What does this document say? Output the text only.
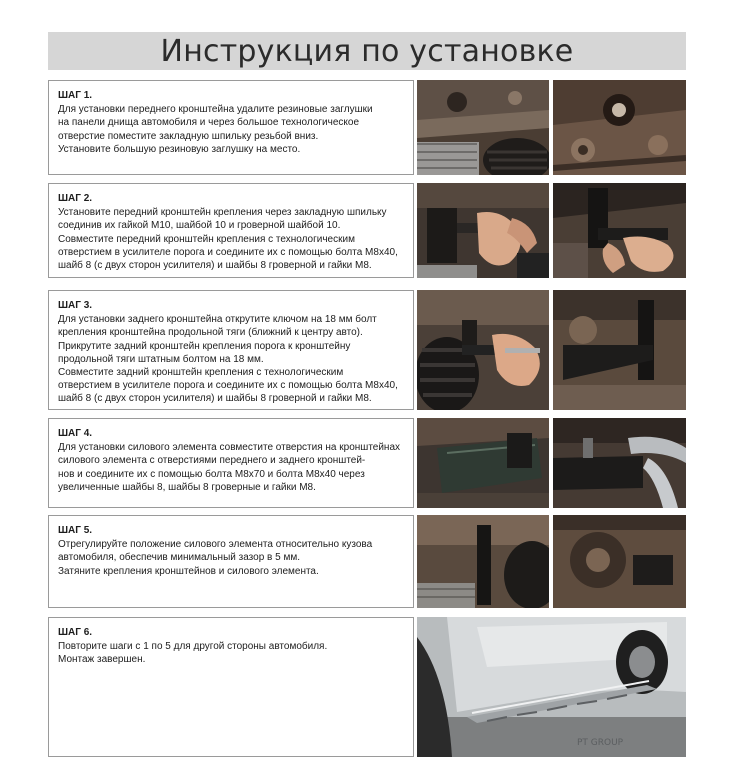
Инструкция по установке
ШАГ 1.

Для установки переднего кронштейна удалите резиновые заглушки
на панели днища автомобиля и через большое технологическое
отверстие поместите закладную шпильку резьбой вниз.
Установите большую резиновую заглушку на место.

ШАГ 2.

Установите передний кронштейн крепления через закладную шпильку
соединив их гайкой М10, шайбой 10 и гроверной шайбой 10.
Совместите передний кронштейн крепления с технологическим
отверстием в усилителе порога и соедините их с помощью болта М8х40,
шайб 8 (с двух сторон усилителя) и шайбы 8 гроверной и гайки М8.

ШАГ 3.

Для установки заднего кронштейна открутите ключом на 18 мм болт
крепления кронштейна продольной тяги (ближний к центру авто).
Прикрутите задний кронштейн крепления порога к кронштейну
продольной тяги штатным болтом на 18 мм.
Совместите задний кронштейн крепления с технологическим
отверстием в усилителе порога и соедините их с помощью болта М8х40,
шайб 8 (с двух сторон усилителя) и шайбы 8 гроверной и гайки М8.

ШАГ 4.

Для установки силового элемента совместите отверстия на кронштейнах
силового элемента с отверстиями переднего и заднего кронштей-
нов и соедините их с помощью болта М8х70 и болта М8х40 через
увеличенные шайбы 8, шайбы 8 гроверные и гайки М8.

ШАГ 5.

Отрегулируйте положение силового элемента относительно кузова
автомобиля, обеспечив минимальный зазор в 5 мм.
Затяните крепления кронштейнов и силового элемента.

ШАГ 6.

Повторите шаги с 1 по 5 для другой стороны автомобиля.
Монтаж завершен.

PT GROUP
